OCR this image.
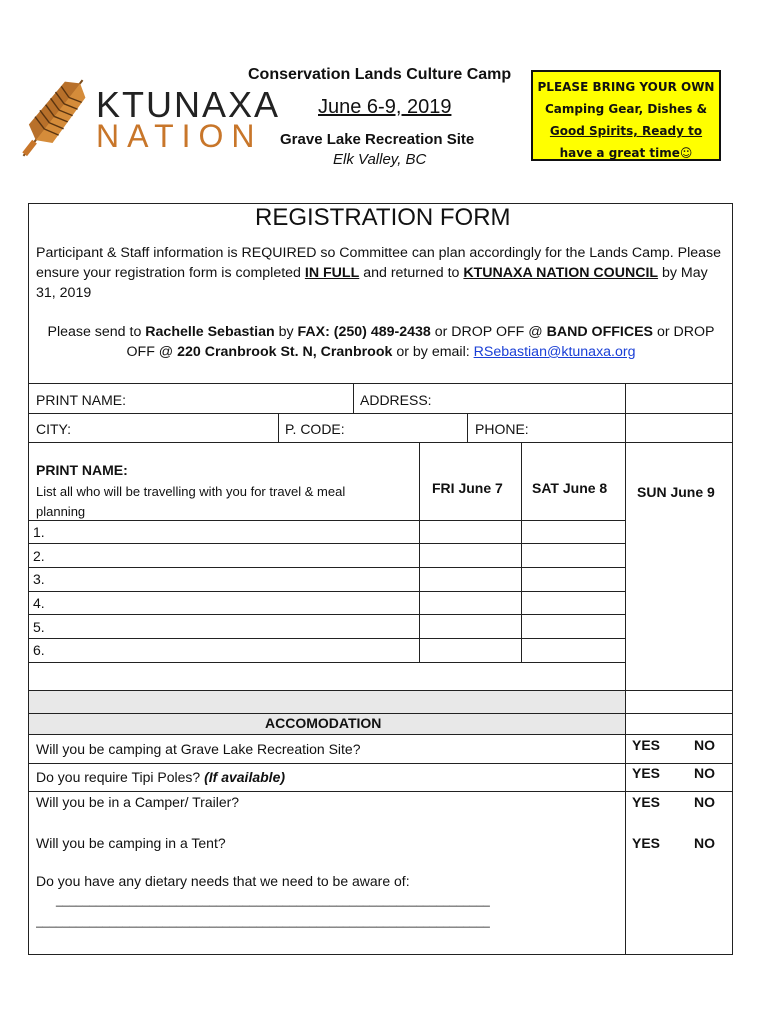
KTUNAXA
NATION
Conservation Lands Culture Camp
June 6-9, 2019
Grave Lake Recreation Site
Elk Valley, BC
PLEASE BRING YOUR OWN
Camping Gear, Dishes &
Good Spirits, Ready to
have a great time☺
REGISTRATION FORM
Participant & Staff information is REQUIRED so Committee can plan accordingly for the Lands Camp. Please ensure your registration form is completed IN FULL and returned to KTUNAXA NATION COUNCIL by May 31, 2019
Please send to Rachelle Sebastian by FAX: (250) 489-2438 or DROP OFF @ BAND OFFICES or DROP OFF @ 220 Cranbrook St. N, Cranbrook or by email: RSebastian@ktunaxa.org
PRINT NAME:	ADDRESS:
CITY:	P. CODE:	PHONE:
PRINT NAME:
List all who will be travelling with you for travel & meal planning
FRI June 7 SAT June 8 SUN June 9
1.
2.
3.
4.
5.
6.
ACCOMODATION
Will you be camping at Grave Lake Recreation Site?	YES NO
Do you require Tipi Poles? (If available)	YES NO
Will you be in a Camper/ Trailer?	YES NO
Will you be camping in a Tent?	YES NO
Do you have any dietary needs that we need to be aware of:
_________________________________________________________________
____________________________________________________________________
